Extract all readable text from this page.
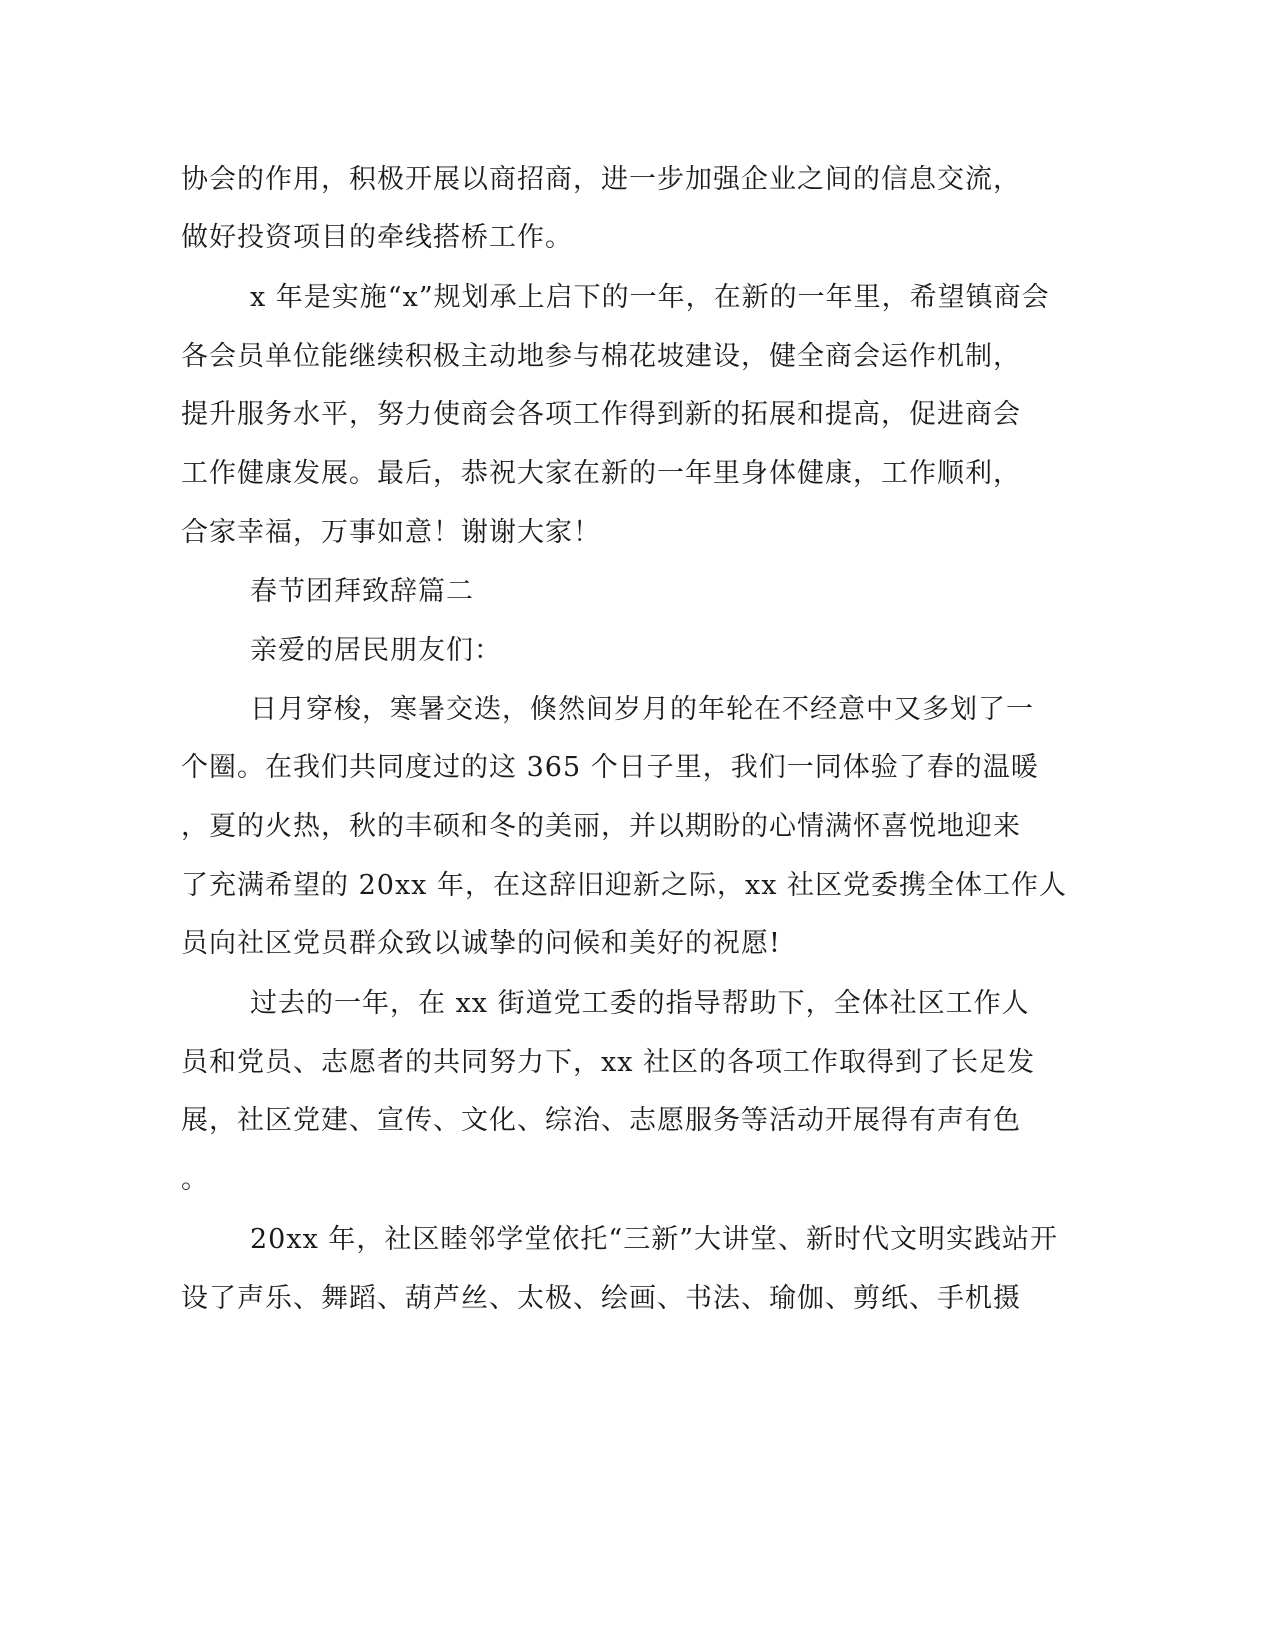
协会的作用，积极开展以商招商，进一步加强企业之间的信息交流，

做好投资项目的牵线搭桥工作。

x 年是实施“x”规划承上启下的一年，在新的一年里，希望镇商会

各会员单位能继续积极主动地参与棉花坡建设，健全商会运作机制，

提升服务水平，努力使商会各项工作得到新的拓展和提高，促进商会

工作健康发展。最后，恭祝大家在新的一年里身体健康，工作顺利，

合家幸福，万事如意！谢谢大家！

春节团拜致辞篇二

亲爱的居民朋友们：

日月穿梭，寒暑交迭，倏然间岁月的年轮在不经意中又多划了一

个圈。在我们共同度过的这 365 个日子里，我们一同体验了春的温暖

，夏的火热，秋的丰硕和冬的美丽，并以期盼的心情满怀喜悦地迎来

了充满希望的 20xx 年，在这辞旧迎新之际，xx 社区党委携全体工作人

员向社区党员群众致以诚挚的问候和美好的祝愿!

过去的一年，在 xx 街道党工委的指导帮助下，全体社区工作人

员和党员、志愿者的共同努力下，xx 社区的各项工作取得到了长足发

展，社区党建、宣传、文化、综治、志愿服务等活动开展得有声有色

。

20xx 年，社区睦邻学堂依托“三新”大讲堂、新时代文明实践站开

设了声乐、舞蹈、葫芦丝、太极、绘画、书法、瑜伽、剪纸、手机摄
